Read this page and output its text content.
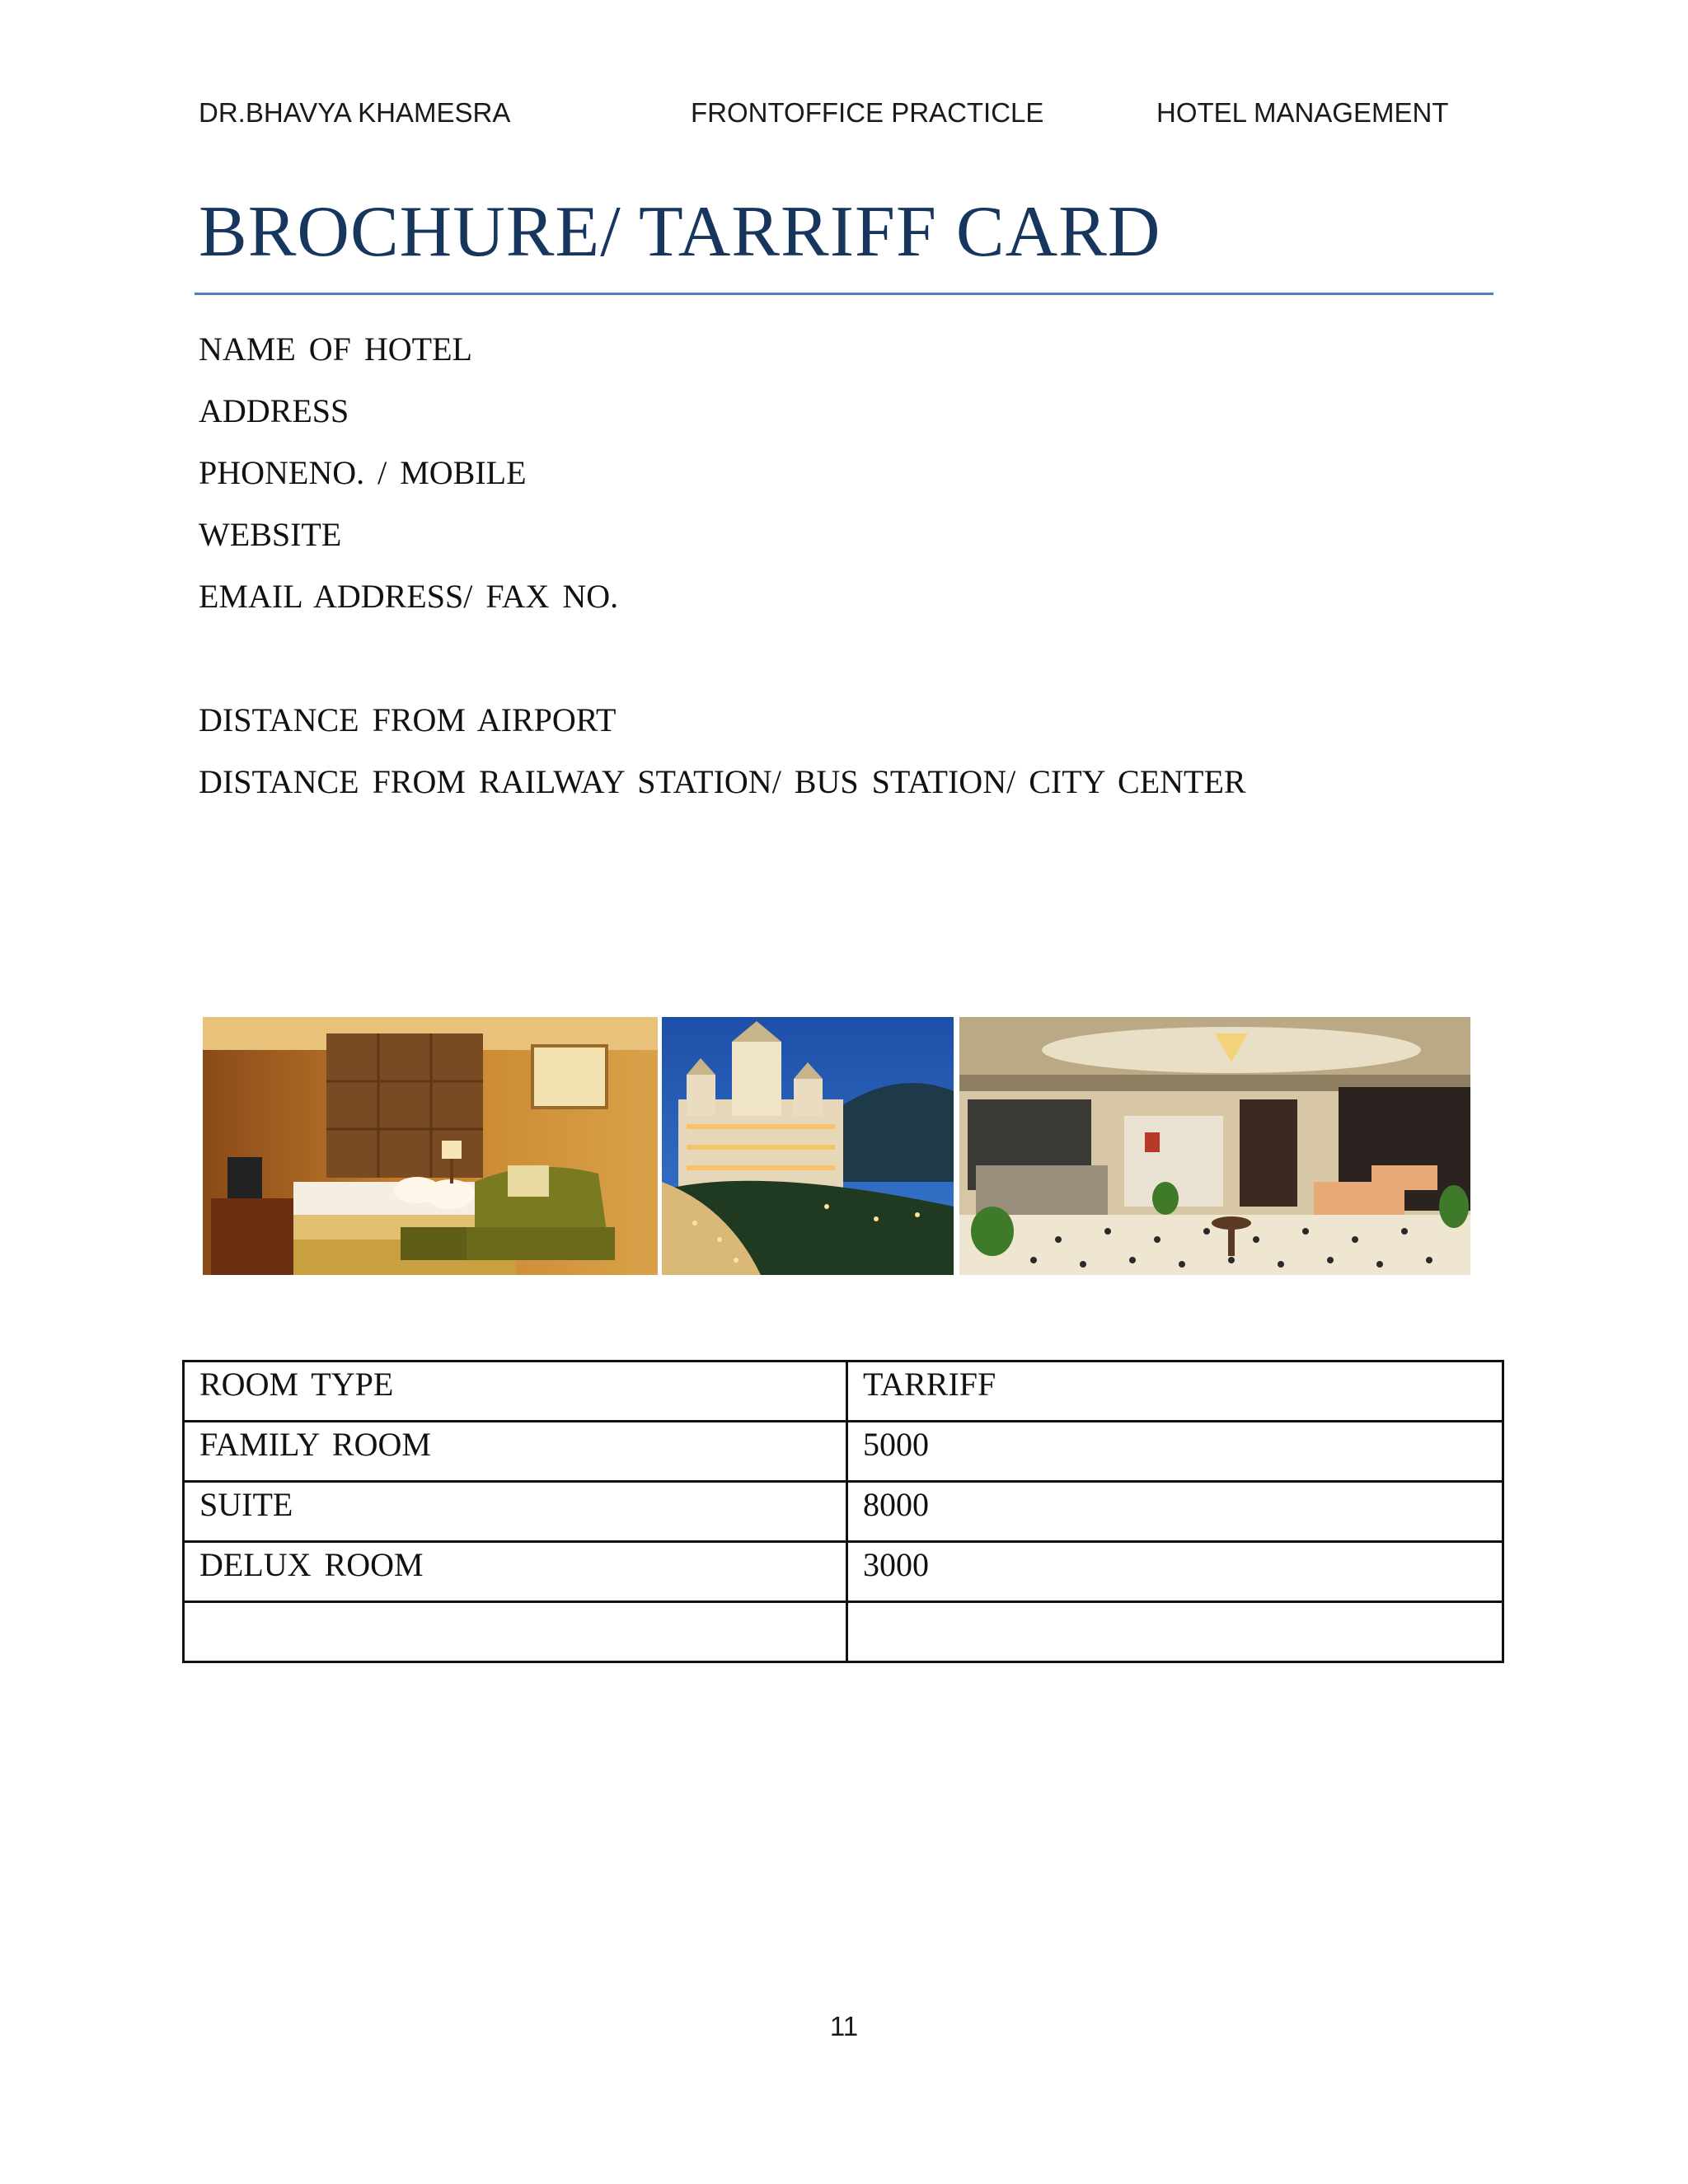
DR.BHAVYA KHAMESRA	FRONTOFFICE PRACTICLE	HOTEL MANAGEMENT
BROCHURE/ TARRIFF CARD
NAME OF HOTEL
ADDRESS
PHONENO. / MOBILE
WEBSITE
EMAIL ADDRESS/ FAX NO.
DISTANCE FROM AIRPORT
DISTANCE FROM RAILWAY STATION/ BUS STATION/ CITY CENTER
ROOM TYPE	TARRIFF
FAMILY ROOM	5000
SUITE	8000
DELUX ROOM	3000

11
